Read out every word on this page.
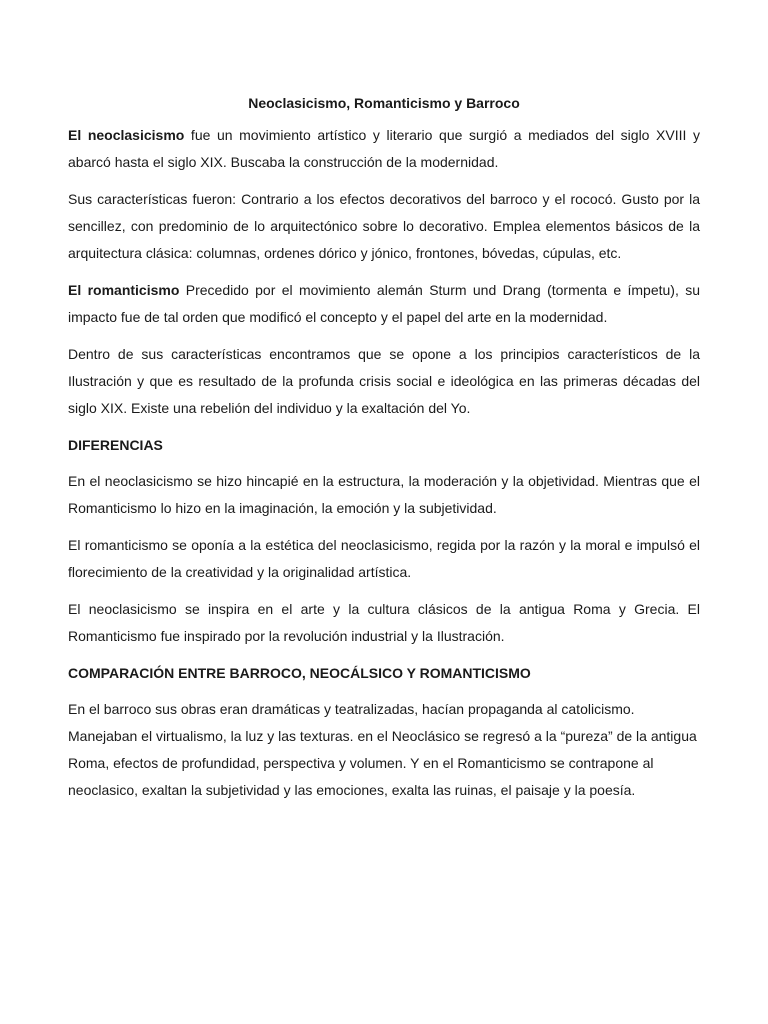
Neoclasicismo, Romanticismo y Barroco

El neoclasicismo fue un movimiento artístico y literario que surgió a mediados del siglo XVIII y abarcó hasta el siglo XIX. Buscaba la construcción de la modernidad.

Sus características fueron: Contrario a los efectos decorativos del barroco y el rococó. Gusto por la sencillez, con predominio de lo arquitectónico sobre lo decorativo. Emplea elementos básicos de la arquitectura clásica: columnas, ordenes dórico y jónico, frontones, bóvedas, cúpulas, etc.

El romanticismo Precedido por el movimiento alemán Sturm und Drang (tormenta e ímpetu), su impacto fue de tal orden que modificó el concepto y el papel del arte en la modernidad.

Dentro de sus características encontramos que se opone a los principios característicos de la Ilustración y que es resultado de la profunda crisis social e ideológica en las primeras décadas del siglo XIX. Existe una rebelión del individuo y la exaltación del Yo.

DIFERENCIAS

En el neoclasicismo se hizo hincapié en la estructura, la moderación y la objetividad. Mientras que el Romanticismo lo hizo en la imaginación, la emoción y la subjetividad.

El romanticismo se oponía a la estética del neoclasicismo, regida por la razón y la moral e impulsó el florecimiento de la creatividad y la originalidad artística.

El neoclasicismo se inspira en el arte y la cultura clásicos de la antigua Roma y Grecia. El Romanticismo fue inspirado por la revolución industrial y la Ilustración.

COMPARACIÓN ENTRE BARROCO, NEOCÁLSICO Y ROMANTICISMO

En el barroco sus obras eran dramáticas y teatralizadas, hacían propaganda al catolicismo. Manejaban el virtualismo, la luz y las texturas. en el Neoclásico se regresó a la “pureza” de la antigua Roma, efectos de profundidad, perspectiva y volumen. Y en el Romanticismo se contrapone al neoclasico, exaltan la subjetividad y las emociones, exalta las ruinas, el paisaje y la poesía.
